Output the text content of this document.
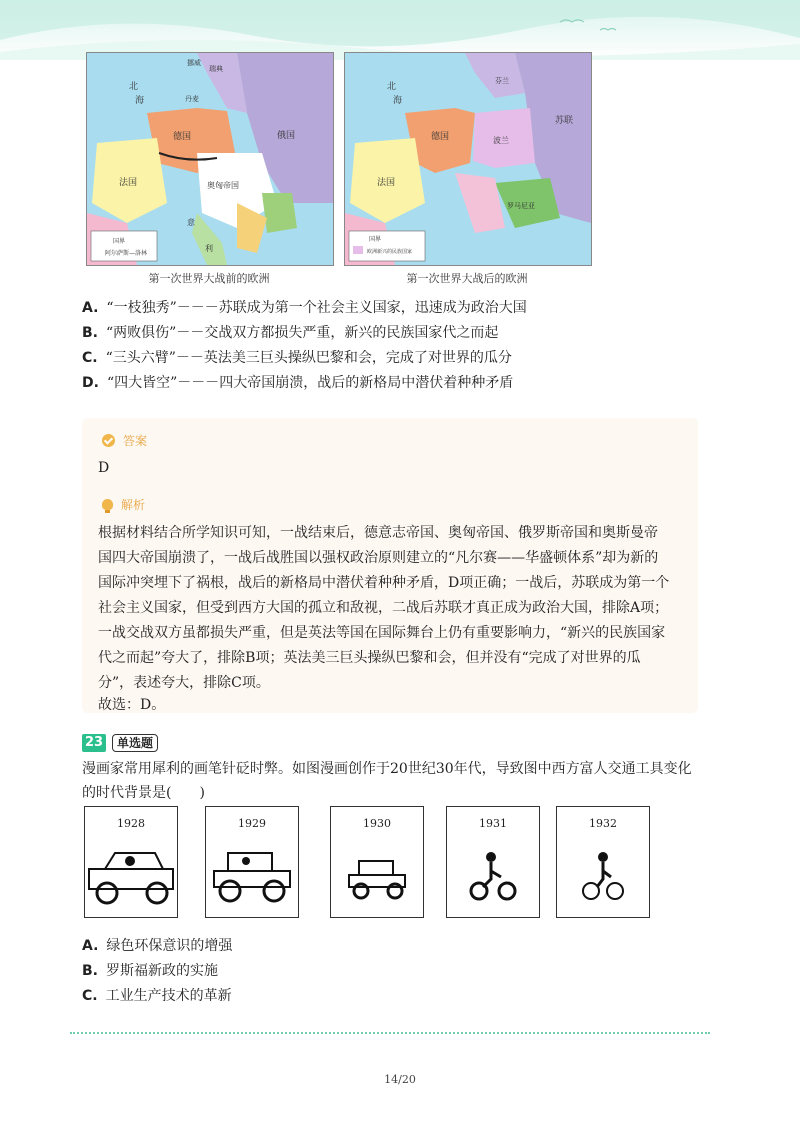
国界
阿尔萨斯—洛林
北
海
法国
德国	俄国
奥匈帝国
意
利
丹麦
瑞典
挪威
第一次世界大战前的欧洲
国界
欧洲新兴的民族国家
北
海
法国
德国
苏联
波兰
罗马尼亚
芬兰
第一次世界大战后的欧洲
A. “一枝独秀”－－－苏联成为第一个社会主义国家，迅速成为政治大国
B. “两败俱伤”－－交战双方都损失严重，新兴的民族国家代之而起
C. “三头六臂”－－英法美三巨头操纵巴黎和会，完成了对世界的瓜分
D. “四大皆空”－－－四大帝国崩溃，战后的新格局中潜伏着种种矛盾
答案
D
解析
根据材料结合所学知识可知，一战结束后，德意志帝国、奥匈帝国、俄罗斯帝国和奥斯曼帝
国四大帝国崩溃了，一战后战胜国以强权政治原则建立的“凡尔赛——华盛顿体系”却为新的
国际冲突埋下了祸根，战后的新格局中潜伏着种种矛盾，D项正确；一战后，苏联成为第一个
社会主义国家，但受到西方大国的孤立和敌视，二战后苏联才真正成为政治大国，排除A项；
一战交战双方虽都损失严重，但是英法等国在国际舞台上仍有重要影响力，“新兴的民族国家
代之而起”夸大了，排除B项；英法美三巨头操纵巴黎和会，但并没有“完成了对世界的瓜
分”，表述夸大，排除C项。
故选：D。
23	单选题
漫画家常用犀利的画笔针砭时弊。如图漫画创作于20世纪30年代，导致图中西方富人交通工具变化
的时代背景是(　　)
1928	1929	1930	1931	1932
A. 绿色环保意识的增强
B. 罗斯福新政的实施
C. 工业生产技术的革新
14/20
